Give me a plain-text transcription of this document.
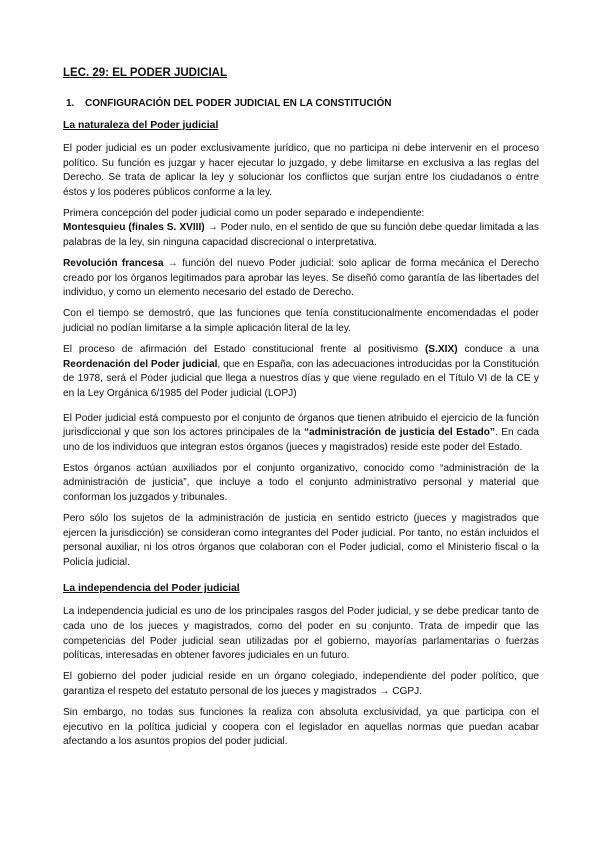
LEC. 29: EL PODER JUDICIAL
1. CONFIGURACIÓN DEL PODER JUDICIAL EN LA CONSTITUCIÓN
La naturaleza del Poder judicial

El poder judicial es un poder exclusivamente jurídico, que no participa ni debe intervenir en el proceso político. Su función es juzgar y hacer ejecutar lo juzgado, y debe limitarse en exclusiva a las reglas del Derecho. Se trata de aplicar la ley y solucionar los conflictos que surjan entre los ciudadanos o entre éstos y los poderes públicos conforme a la ley.

Primera concepción del poder judicial como un poder separado e independiente:
Montesquieu (finales S. XVIII) → Poder nulo, en el sentido de que su función debe quedar limitada a las palabras de la ley, sin ninguna capacidad discrecional o interpretativa.

Revolución francesa → función del nuevo Poder judicial: solo aplicar de forma mecánica el Derecho creado por los órganos legitimados para aprobar las leyes. Se diseñó como garantía de las libertades del individuo, y como un elemento necesario del estado de Derecho.

Con el tiempo se demostró, que las funciones que tenía constitucionalmente encomendadas el poder judicial no podían limitarse a la simple aplicación literal de la ley.

El proceso de afirmación del Estado constitucional frente al positivismo (S.XIX) conduce a una Reordenación del Poder judicial, que en España, con las adecuaciones introducidas por la Constitución de 1978, será el Poder judicial que llega a nuestros días y que viene regulado en el Título VI de la CE y en la Ley Orgánica 6/1985 del Poder judicial (LOPJ)

El Poder judicial está compuesto por el conjunto de órganos que tienen atribuido el ejercicio de la función jurisdiccional y que son los actores principales de la “administración de justicia del Estado”. En cada uno de los individuos que integran estos órganos (jueces y magistrados) reside este poder del Estado.

Estos órganos actúan auxiliados por el conjunto organizativo, conocido como “administración de la administración de justicia”, que incluye a todo el conjunto administrativo personal y material que conforman los juzgados y tribunales.

Pero sólo los sujetos de la administración de justicia en sentido estricto (jueces y magistrados que ejercen la jurisdicción) se consideran como integrantes del Poder judicial. Por tanto, no están incluidos el personal auxiliar, ni los otros órganos que colaboran con el Poder judicial, como el Ministerio fiscal o la Policía judicial.

La independencia del Poder judicial

La independencia judicial es uno de los principales rasgos del Poder judicial, y se debe predicar tanto de cada uno de los jueces y magistrados, como del poder en su conjunto. Trata de impedir que las competencias del Poder judicial sean utilizadas por el gobierno, mayorías parlamentarias o fuerzas políticas, interesadas en obtener favores judiciales en un futuro.

El gobierno del poder judicial reside en un órgano colegiado, independiente del poder político, que garantiza el respeto del estatuto personal de los jueces y magistrados → CGPJ.

Sin embargo, no todas sus funciones la realiza con absoluta exclusividad, ya que participa con el ejecutivo en la política judicial y coopera con el legislador en aquellas normas que puedan acabar afectando a los asuntos propios del poder judicial.
